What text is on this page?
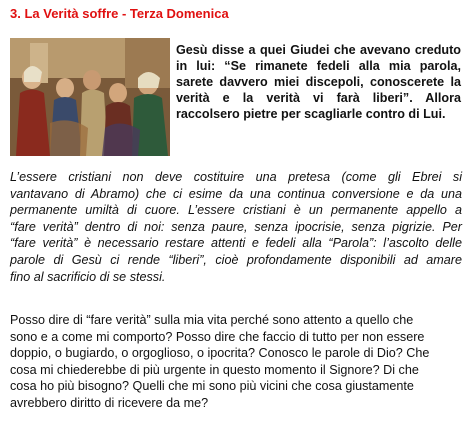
3. La Verità soffre - Terza Domenica
Gesù disse a quei Giudei che avevano creduto
in lui: “Se rimanete fedeli alla mia parola,
sarete davvero miei discepoli, conoscerete la
verità e la verità vi farà liberi”. Allora
raccolsero pietre per scagliarle contro di Lui.
L’essere cristiani non deve costituire una pretesa (come gli Ebrei si
vantavano di Abramo) che ci esime da una continua conversione e da una
permanente umiltà di cuore. L’essere cristiani è un permanente appello a
“fare verità” dentro di noi: senza paure, senza ipocrisie, senza pigrizie. Per
“fare verità” è necessario restare attenti e fedeli alla “Parola”: l’ascolto delle
parole di Gesù ci rende “liberi”, cioè profondamente disponibili ad amare
fino al sacrificio di se stessi.
Posso dire di “fare verità” sulla mia vita perché sono attento a quello che
sono e a come mi comporto? Posso dire che faccio di tutto per non essere
doppio, o bugiardo, o orgoglioso, o ipocrita? Conosco le parole di Dio? Che
cosa mi chiederebbe di più urgente in questo momento il Signore? Di che
cosa ho più bisogno? Quelli che mi sono più vicini che cosa giustamente
avrebbero diritto di ricevere da me?
